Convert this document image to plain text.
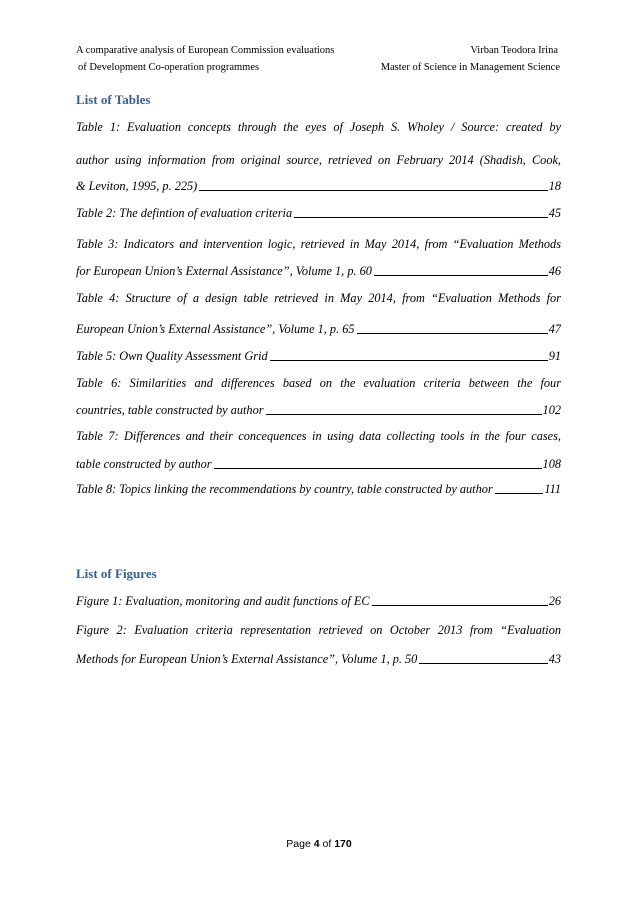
A comparative analysis of European Commission evaluations	Virban Teodora Irina
of Development Co-operation programmes	Master of Science in Management Science
List of Tables
Table 1: Evaluation concepts through the eyes of Joseph S. Wholey / Source: created by
author using information from original source, retrieved on February 2014 (Shadish, Cook,
& Leviton, 1995, p. 225)	18
Table 2: The defintion of evaluation criteria	45
Table 3: Indicators and intervention logic, retrieved in May 2014, from “Evaluation Methods
for European Union’s External Assistance”, Volume 1, p. 60	46
Table 4: Structure of a design table retrieved in May 2014, from “Evaluation Methods for
European Union’s External Assistance”, Volume 1, p. 65	47
Table 5: Own Quality Assessment Grid	91
Table 6: Similarities and differences based on the evaluation criteria between the four
countries, table constructed by author	102
Table 7: Differences and their concequences in using data collecting tools in the four cases,
table constructed by author	108
Table 8: Topics linking the recommendations by country, table constructed by author	111
List of Figures
Figure 1: Evaluation, monitoring and audit functions of EC	26
Figure 2: Evaluation criteria representation retrieved on October 2013 from “Evaluation
Methods for European Union’s External Assistance”, Volume 1, p. 50	43
Page 4 of 170
